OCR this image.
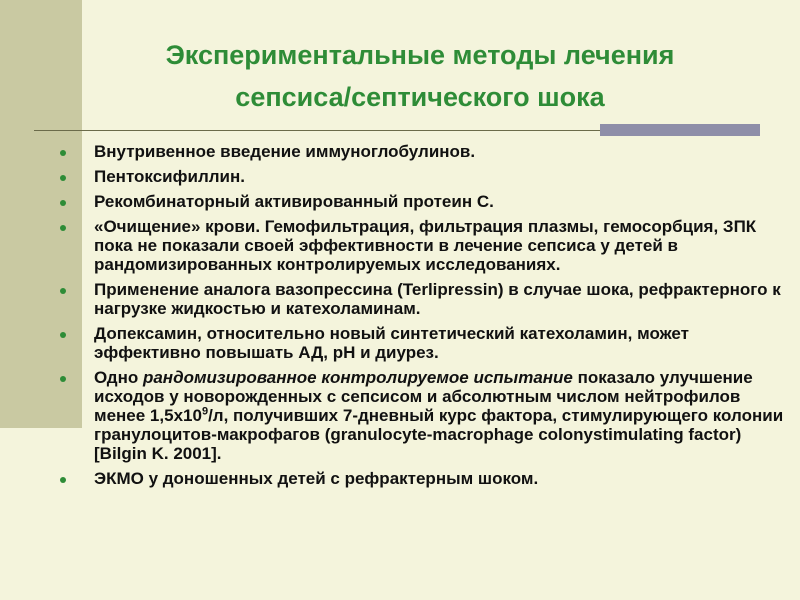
Экспериментальные методы лечения
сепсиса/септического шока
Внутривенное введение иммуноглобулинов.
Пентоксифиллин.
Рекомбинаторный активированный протеин С.
«Очищение» крови. Гемофильтрация, фильтрация плазмы, гемосорбция, ЗПК пока не показали своей эффективности в лечение сепсиса у детей в рандомизированных контролируемых исследованиях.
Применение аналога вазопрессина (Terlipressin) в случае шока, рефрактерного к нагрузке жидкостью и катехоламинам.
Допексамин, относительно новый синтетический катехоламин, может эффективно повышать АД, рН и диурез.
Одно рандомизированное контролируемое испытание показало улучшение исходов у новорожденных с сепсисом и абсолютным числом нейтрофилов менее $1,5х10^9/л$, получивших 7-дневный курс фактора, стимулирующего колонии гранулоцитов-макрофагов (granulocyte-macrophage colonystimulating factor) [Bilgin K. 2001].
ЭКМО у доношенных детей с рефрактерным шоком.
